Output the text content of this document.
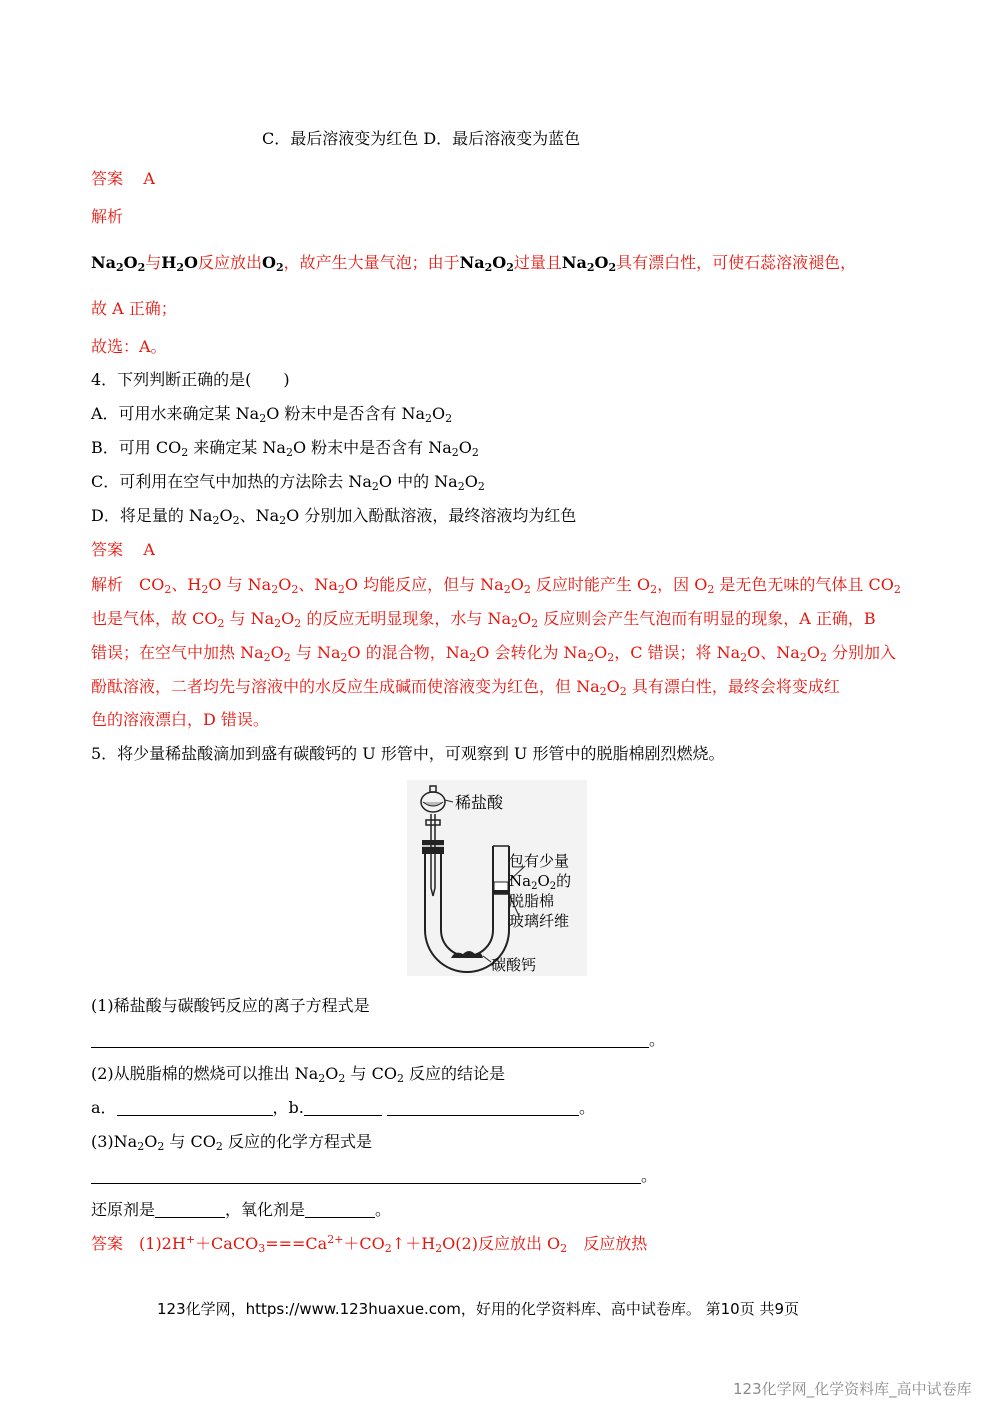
C．最后溶液变为红色 D．最后溶液变为蓝色
答案 A
解析
$Na_2O_2$与$H_2O$反应放出$O_2$，故产生大量气泡；由于$Na_2O_2$过量且$Na_2O_2$具有漂白性，可使石蕊溶液褪色，
故 A 正确；
故选：A。
4．下列判断正确的是(　　)
A．可用水来确定某 $Na_2O$ 粉末中是否含有 $Na_2O_2$
B．可用 $CO_2$ 来确定某 $Na_2O$ 粉末中是否含有 $Na_2O_2$
C．可利用在空气中加热的方法除去 $Na_2O$ 中的 $Na_2O_2$
D．将足量的 $Na_2O_2$、$Na_2O$ 分别加入酚酞溶液，最终溶液均为红色
答案 A
解析　$CO_2$、$H_2O$ 与 $Na_2O_2$、$Na_2O$ 均能反应，但与 $Na_2O_2$ 反应时能产生 $O_2$，因 $O_2$ 是无色无味的气体且 $CO_2$
也是气体，故 $CO_2$ 与 $Na_2O_2$ 的反应无明显现象，水与 $Na_2O_2$ 反应则会产生气泡而有明显的现象，A 正确，B
错误；在空气中加热 $Na_2O_2$ 与 $Na_2O$ 的混合物，$Na_2O$ 会转化为 $Na_2O_2$，C 错误；将 $Na_2O$、$Na_2O_2$ 分别加入
酚酞溶液，二者均先与溶液中的水反应生成碱而使溶液变为红色，但 $Na_2O_2$ 具有漂白性，最终会将变成红
色的溶液漂白，D 错误。
5．将少量稀盐酸滴加到盛有碳酸钙的 U 形管中，可观察到 U 形管中的脱脂棉剧烈燃烧。
稀盐酸
包有少量
$Na_2O_2$的
脱脂棉
玻璃纤维
碳酸钙
(1)稀盐酸与碳酸钙反应的离子方程式是
。
(2)从脱脂棉的燃烧可以推出 $Na_2O_2$ 与 $CO_2$ 反应的结论是
a．	，b.	。
$(3)Na_2O_2$ 与 $CO_2$ 反应的化学方程式是
。
还原剂是	，氧化剂是	。
答案　$(1)2H^++CaCO_3===Ca^{2+}+CO_2↑+H_2O(2)$反应放出 $O_2$　 反应放热
123化学网，https://www.123huaxue.com，好用的化学资料库、高中试卷库。 第10页 共9页
123化学网_化学资料库_高中试卷库
